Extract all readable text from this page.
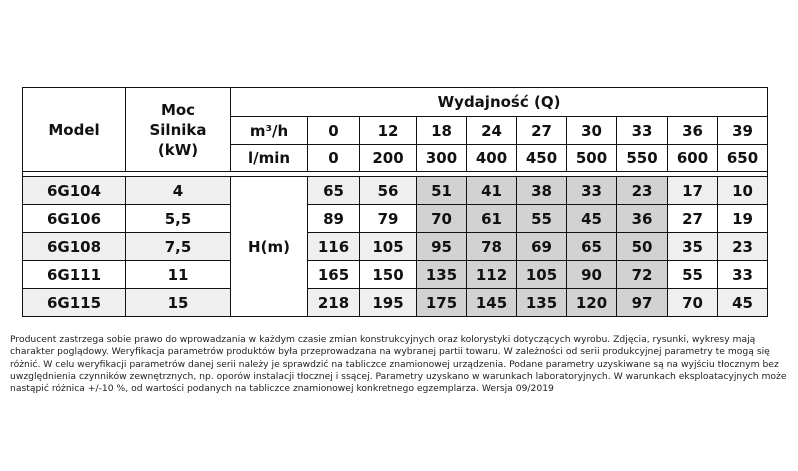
Model	Moc Silnika (kW)	Wydajność (Q)									
		m³/h	0	12	18	24	27	30	33	36	39
		l/min	0	200	300	400	450	500	550	600	650

6G104	4	H(m)	65	56	51	41	38	33	23	17	10
6G106	5,5		89	79	70	61	55	45	36	27	19
6G108	7,5		116	105	95	78	69	65	50	35	23
6G111	11		165	150	135	112	105	90	72	55	33
6G115	15		218	195	175	145	135	120	97	70	45

Producent zastrzega sobie prawo do wprowadzania w każdym czasie zmian konstrukcyjnych oraz kolorystyki dotyczących wyrobu. Zdjęcia, rysunki, wykresy mają charakter poglądowy. Weryfikacja parametrów produktów była przeprowadzana na wybranej partii towaru. W zależności od serii produkcyjnej parametry te mogą się różnić. W celu weryfikacji parametrów danej serii należy je sprawdzić na tabliczce znamionowej urządzenia. Podane parametry uzyskiwane są na wyjściu tłocznym bez uwzględnienia czynników zewnętrznych, np. oporów instalacji tłocznej i ssącej. Parametry uzyskano w warunkach laboratoryjnych. W warunkach eksploatacyjnych może nastąpić różnica +/-10 %, od wartości podanych na tabliczce znamionowej konkretnego egzemplarza. Wersja 09/2019
